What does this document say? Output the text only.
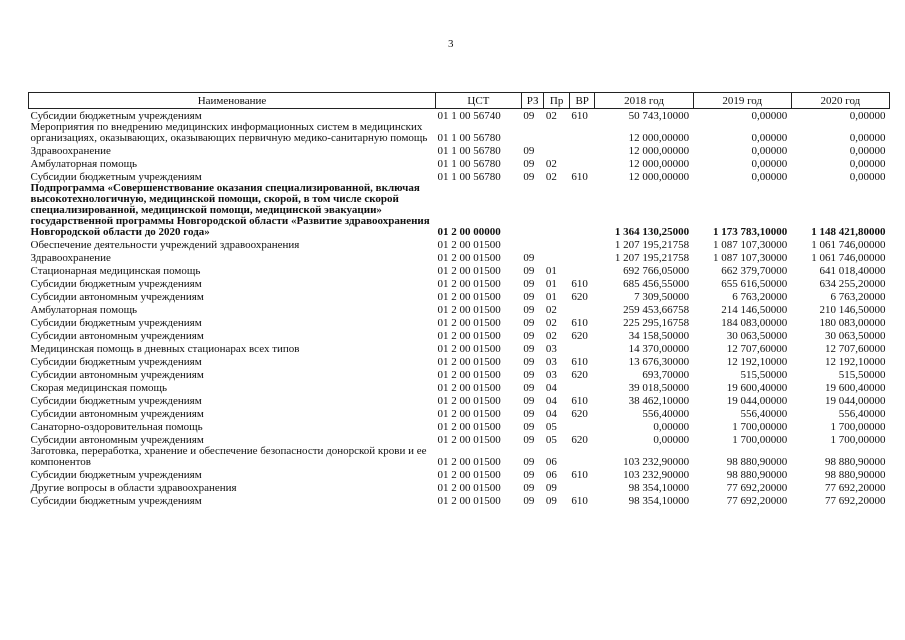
3
Наименование	ЦСТ	РЗ	Пр	ВР	2018 год	2019 год	2020 год
Субсидии бюджетным учреждениям	01 1 00 56740	09	02	610	50 743,10000	0,00000	0,00000
Мероприятия по внедрению медицинских информационных систем в медицинских организациях, оказывающих, оказывающих первичную медико-санитарную помощь	01 1 00 56780				12 000,00000	0,00000	0,00000
Здравоохранение	01 1 00 56780	09			12 000,00000	0,00000	0,00000
Амбулаторная помощь	01 1 00 56780	09	02		12 000,00000	0,00000	0,00000
Субсидии бюджетным учреждениям	01 1 00 56780	09	02	610	12 000,00000	0,00000	0,00000
Подпрограмма «Совершенствование оказания специализированной, включая высокотехнологичную, медицинской помощи, скорой, в том числе скорой специализированной, медицинской помощи, медицинской эвакуации» государственной программы Новгородской области «Развитие здравоохранения Новгородской области до 2020 года»	01 2 00 00000				1 364 130,25000	1 173 783,10000	1 148 421,80000
Обеспечение деятельности учреждений здравоохранения	01 2 00 01500				1 207 195,21758	1 087 107,30000	1 061 746,00000
Здравоохранение	01 2 00 01500	09			1 207 195,21758	1 087 107,30000	1 061 746,00000
Стационарная медицинская помощь	01 2 00 01500	09	01		692 766,05000	662 379,70000	641 018,40000
Субсидии бюджетным учреждениям	01 2 00 01500	09	01	610	685 456,55000	655 616,50000	634 255,20000
Субсидии автономным учреждениям	01 2 00 01500	09	01	620	7 309,50000	6 763,20000	6 763,20000
Амбулаторная помощь	01 2 00 01500	09	02		259 453,66758	214 146,50000	210 146,50000
Субсидии бюджетным учреждениям	01 2 00 01500	09	02	610	225 295,16758	184 083,00000	180 083,00000
Субсидии автономным учреждениям	01 2 00 01500	09	02	620	34 158,50000	30 063,50000	30 063,50000
Медицинская помощь в дневных стационарах всех типов	01 2 00 01500	09	03		14 370,00000	12 707,60000	12 707,60000
Субсидии бюджетным учреждениям	01 2 00 01500	09	03	610	13 676,30000	12 192,10000	12 192,10000
Субсидии автономным учреждениям	01 2 00 01500	09	03	620	693,70000	515,50000	515,50000
Скорая медицинская помощь	01 2 00 01500	09	04		39 018,50000	19 600,40000	19 600,40000
Субсидии бюджетным учреждениям	01 2 00 01500	09	04	610	38 462,10000	19 044,00000	19 044,00000
Субсидии автономным учреждениям	01 2 00 01500	09	04	620	556,40000	556,40000	556,40000
Санаторно-оздоровительная помощь	01 2 00 01500	09	05		0,00000	1 700,00000	1 700,00000
Субсидии автономным учреждениям	01 2 00 01500	09	05	620	0,00000	1 700,00000	1 700,00000
Заготовка, переработка, хранение и обеспечение безопасности донорской крови и ее компонентов	01 2 00 01500	09	06		103 232,90000	98 880,90000	98 880,90000
Субсидии бюджетным учреждениям	01 2 00 01500	09	06	610	103 232,90000	98 880,90000	98 880,90000
Другие вопросы в области здравоохранения	01 2 00 01500	09	09		98 354,10000	77 692,20000	77 692,20000
Субсидии бюджетным учреждениям	01 2 00 01500	09	09	610	98 354,10000	77 692,20000	77 692,20000
